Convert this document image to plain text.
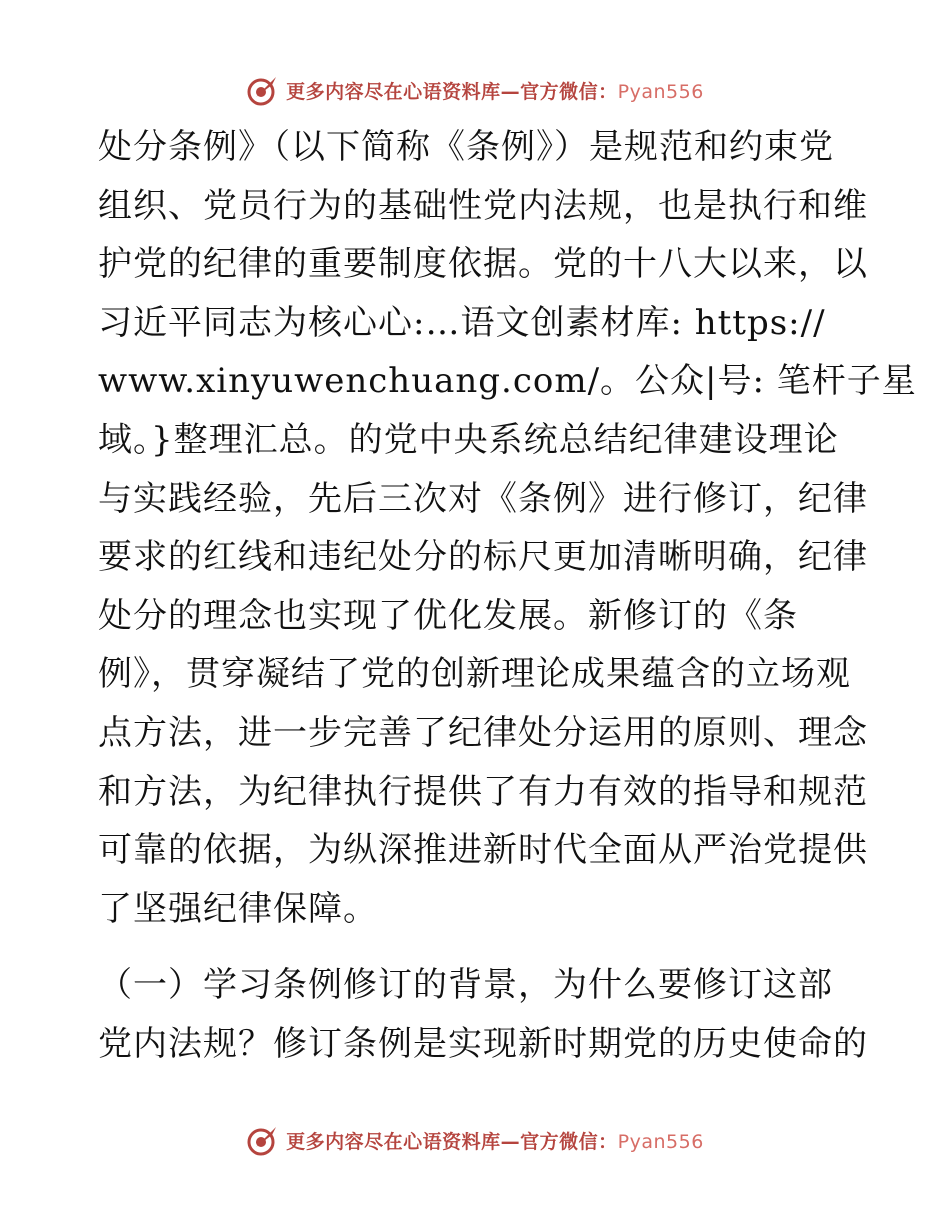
更多内容尽在心语资料库—官方微信：Pyan556
处分条例》（以下简称《条例》）是规范和约束党
组织、党员行为的基础性党内法规，也是执行和维
护党的纪律的重要制度依据。党的十八大以来，以
习近平同志为核心心:…语文创素材库: https://
www.xinyuwenchuang.com/。公众|号: 笔杆子星
域。}整理汇总。的党中央系统总结纪律建设理论
与实践经验，先后三次对《条例》进行修订，纪律
要求的红线和违纪处分的标尺更加清晰明确，纪律
处分的理念也实现了优化发展。新修订的《条
例》，贯穿凝结了党的创新理论成果蕴含的立场观
点方法，进一步完善了纪律处分运用的原则、理念
和方法，为纪律执行提供了有力有效的指导和规范
可靠的依据，为纵深推进新时代全面从严治党提供
了坚强纪律保障。
（一）学习条例修订的背景，为什么要修订这部
党内法规？修订条例是实现新时期党的历史使命的
更多内容尽在心语资料库—官方微信：Pyan556
